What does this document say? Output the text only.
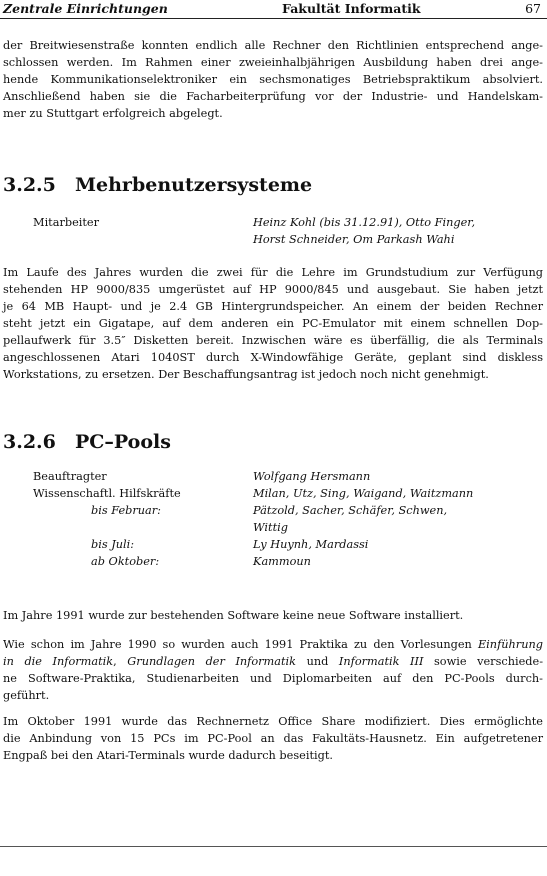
Zentrale Einrichtungen	Fakultät Informatik	67
der Breitwiesenstraße konnten endlich alle Rechner den Richtlinien entsprechend ange-
schlossen werden. Im Rahmen einer zweieinhalbjährigen Ausbildung haben drei ange-
hende Kommunikationselektroniker ein sechsmonatiges Betriebspraktikum absolviert.
Anschließend haben sie die Facharbeiterprüfung vor der Industrie- und Handelskam-
mer zu Stuttgart erfolgreich abgelegt.
3.2.5 Mehrbenutzersysteme
Mitarbeiter	Heinz Kohl (bis 31.12.91), Otto Finger,
Horst Schneider, Om Parkash Wahi
Im Laufe des Jahres wurden die zwei für die Lehre im Grundstudium zur Verfügung
stehenden HP 9000/835 umgerüstet auf HP 9000/845 und ausgebaut. Sie haben jetzt
je 64 MB Haupt- und je 2.4 GB Hintergrundspeicher. An einem der beiden Rechner
steht jetzt ein Gigatape, auf dem anderen ein PC-Emulator mit einem schnellen Dop-
pellaufwerk für 3.5″ Disketten bereit. Inzwischen wäre es überfällig, die als Terminals
angeschlossenen Atari 1040ST durch X-Windowfähige Geräte, geplant sind diskless
Workstations, zu ersetzen. Der Beschaffungsantrag ist jedoch noch nicht genehmigt.
3.2.6 PC–Pools
Beauftragter	Wolfgang Hersmann
Wissenschaftl. Hilfskräfte	Milan, Utz, Sing, Waigand, Waitzmann
bis Februar:	Pätzold, Sacher, Schäfer, Schwen,
Wittig
bis Juli:	Ly Huynh, Mardassi
ab Oktober:	Kammoun
Im Jahre 1991 wurde zur bestehenden Software keine neue Software installiert.
Wie schon im Jahre 1990 so wurden auch 1991 Praktika zu den Vorlesungen Einführung
in die Informatik, Grundlagen der Informatik und Informatik III sowie verschiede-
ne Software-Praktika, Studienarbeiten und Diplomarbeiten auf den PC-Pools durch-
geführt.
Im Oktober 1991 wurde das Rechnernetz Office Share modifiziert. Dies ermöglichte
die Anbindung von 15 PCs im PC-Pool an das Fakultäts-Hausnetz. Ein aufgetretener
Engpaß bei den Atari-Terminals wurde dadurch beseitigt.
